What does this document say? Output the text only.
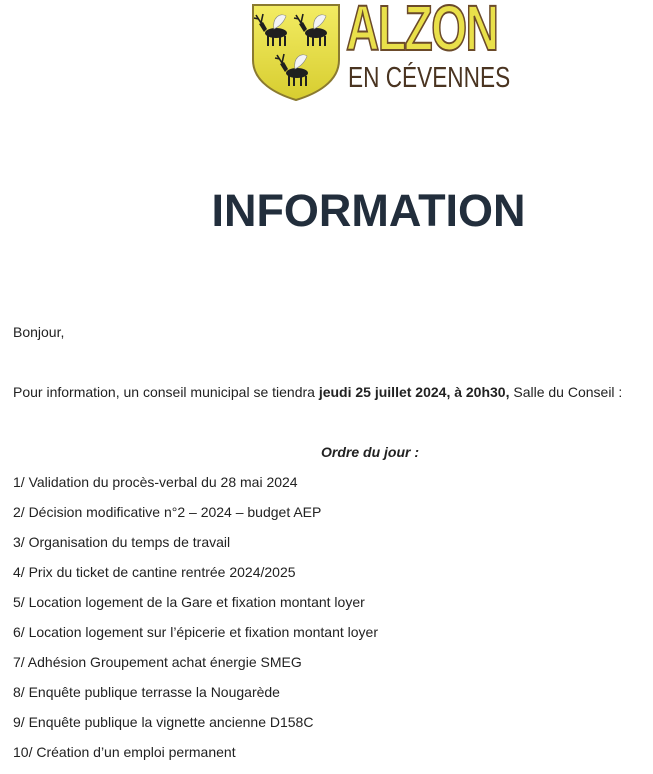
ALZON
EN CÉVENNES
INFORMATION

Bonjour,

Pour information, un conseil municipal se tiendra jeudi 25 juillet 2024, à 20h30, Salle du Conseil :

Ordre du jour :

1/ Validation du procès-verbal du 28 mai 2024
2/ Décision modificative n°2 – 2024 – budget AEP
3/ Organisation du temps de travail
4/ Prix du ticket de cantine rentrée 2024/2025
5/ Location logement de la Gare et fixation montant loyer
6/ Location logement sur l’épicerie et fixation montant loyer
7/ Adhésion Groupement achat énergie SMEG
8/ Enquête publique terrasse la Nougarède
9/ Enquête publique la vignette ancienne D158C
10/ Création d’un emploi permanent
